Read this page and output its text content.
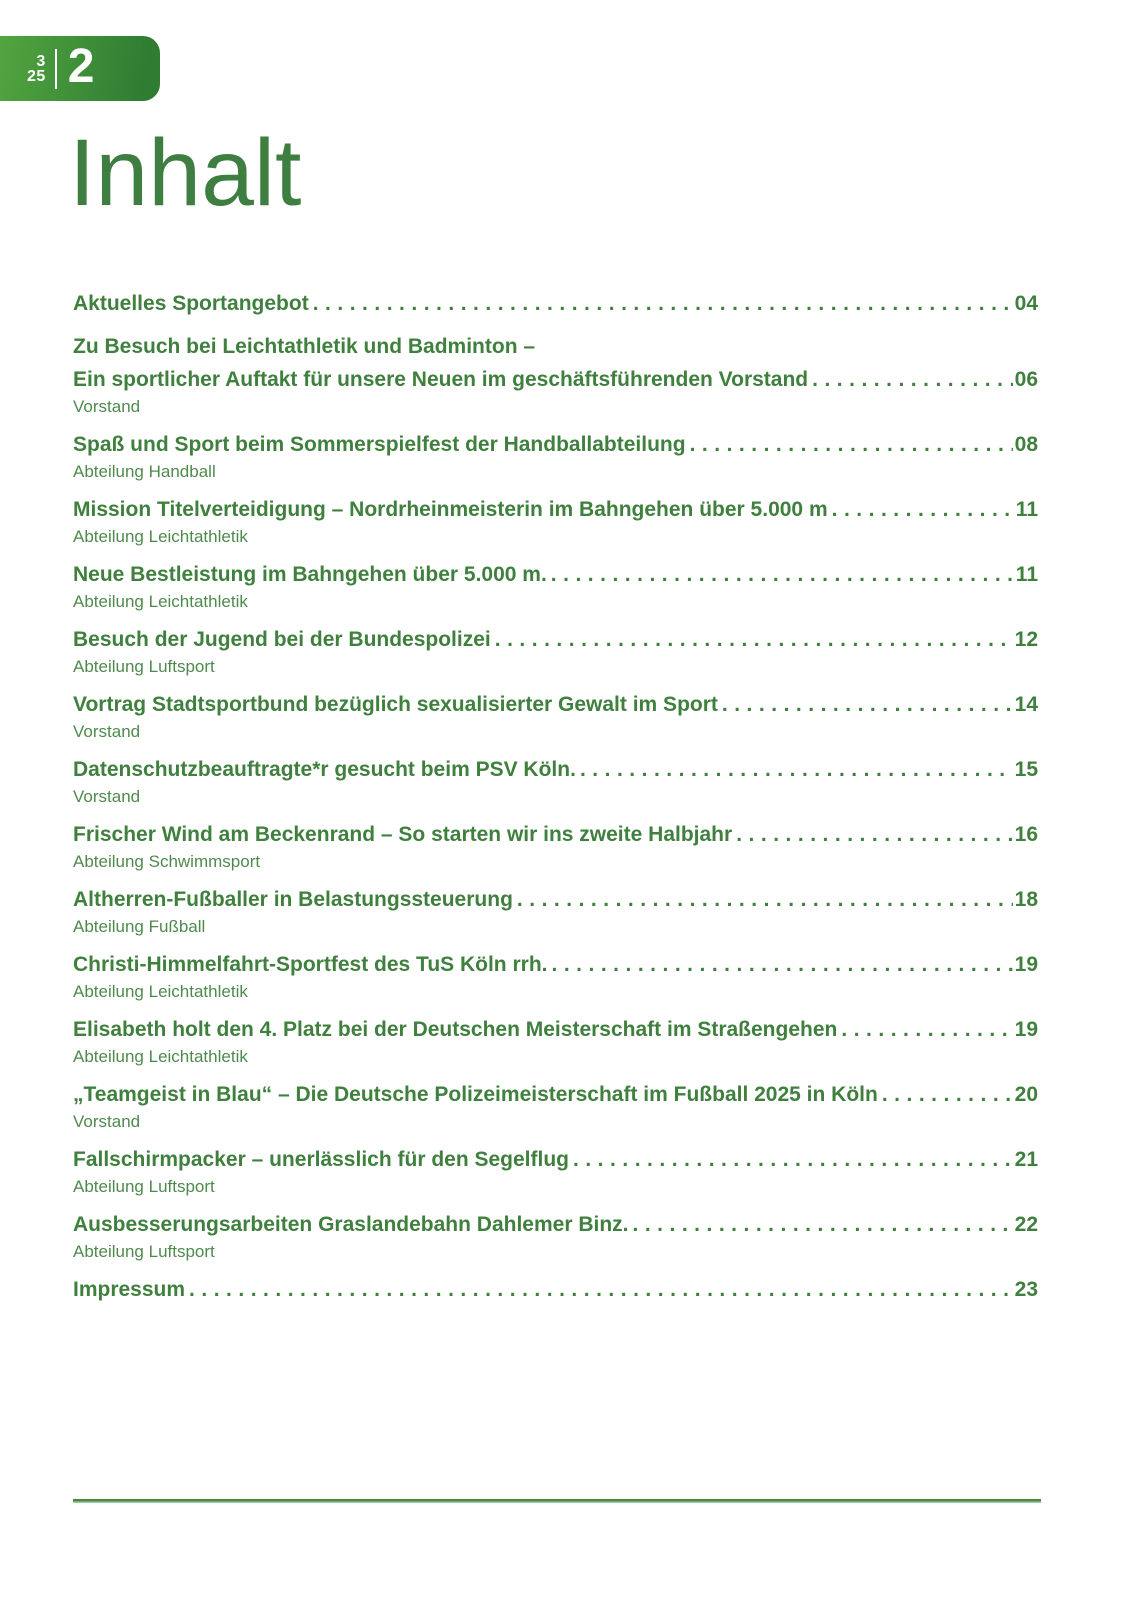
3
25 2
Inhalt
Aktuelles Sportangebot .....	04
Zu Besuch bei Leichtathletik und Badminton –
Ein sportlicher Auftakt für unsere Neuen im geschäftsführenden Vorstand .....	06
Vorstand
Spaß und Sport beim Sommerspielfest der Handballabteilung .....	08
Abteilung Handball
Mission Titelverteidigung – Nordrheinmeisterin im Bahngehen über 5.000 m .....	11
Abteilung Leichtathletik
Neue Bestleistung im Bahngehen über 5.000 m. .....	11
Abteilung Leichtathletik
Besuch der Jugend bei der Bundespolizei .....	12
Abteilung Luftsport
Vortrag Stadtsportbund bezüglich sexualisierter Gewalt im Sport .....	14
Vorstand
Datenschutzbeauftragte*r gesucht beim PSV Köln. .....	15
Vorstand
Frischer Wind am Beckenrand – So starten wir ins zweite Halbjahr .....	16
Abteilung Schwimmsport
Altherren-Fußballer in Belastungssteuerung .....	18
Abteilung Fußball
Christi-Himmelfahrt-Sportfest des TuS Köln rrh. .....	19
Abteilung Leichtathletik
Elisabeth holt den 4. Platz bei der Deutschen Meisterschaft im Straßengehen .....	19
Abteilung Leichtathletik
„Teamgeist in Blau“ – Die Deutsche Polizeimeisterschaft im Fußball 2025 in Köln .....	20
Vorstand
Fallschirmpacker – unerlässlich für den Segelflug .....	21
Abteilung Luftsport
Ausbesserungsarbeiten Graslandebahn Dahlemer Binz. .....	22
Abteilung Luftsport
Impressum .....	23
